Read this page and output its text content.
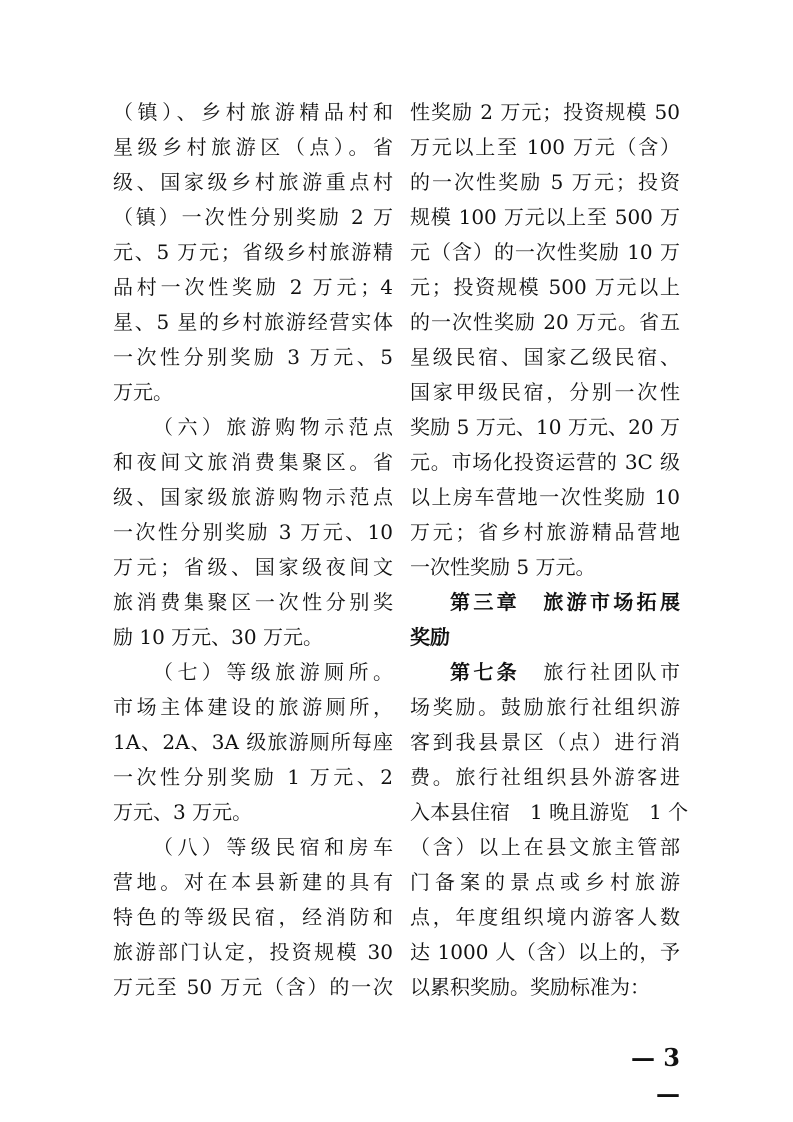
（镇）、乡村旅游精品村和
星级乡村旅游区（点）。省
级、国家级乡村旅游重点村
（镇）一次性分别奖励 2 万
元、5 万元；省级乡村旅游精
品村一次性奖励 2 万元；4
星、5 星的乡村旅游经营实体
一次性分别奖励 3 万元、5
万元。
（六）旅游购物示范点
和夜间文旅消费集聚区。省
级、国家级旅游购物示范点
一次性分别奖励 3 万元、10
万元；省级、国家级夜间文
旅消费集聚区一次性分别奖
励 10 万元、30 万元。
（七）等级旅游厕所。
市场主体建设的旅游厕所，
1A、2A、3A 级旅游厕所每座
一次性分别奖励 1 万元、2
万元、3 万元。
（八）等级民宿和房车
营地。对在本县新建的具有
特色的等级民宿，经消防和
旅游部门认定，投资规模 30
万元至 50 万元（含）的一次
性奖励 2 万元；投资规模 50
万元以上至 100 万元（含）
的一次性奖励 5 万元；投资
规模 100 万元以上至 500 万
元（含）的一次性奖励 10 万
元；投资规模 500 万元以上
的一次性奖励 20 万元。省五
星级民宿、国家乙级民宿、
国家甲级民宿，分别一次性
奖励 5 万元、10 万元、20 万
元。市场化投资运营的 3C 级
以上房车营地一次性奖励 10
万元；省乡村旅游精品营地
一次性奖励 5 万元。
第三章　旅游市场拓展
奖励
第七条　旅行社团队市
场奖励。鼓励旅行社组织游
客到我县景区（点）进行消
费。旅行社组织县外游客进
入本县住宿　1 晚且游览　1 个
（含）以上在县文旅主管部
门备案的景点或乡村旅游
点，年度组织境内游客人数
达 1000 人（含）以上的，予
以累积奖励。奖励标准为：
— 3 —
